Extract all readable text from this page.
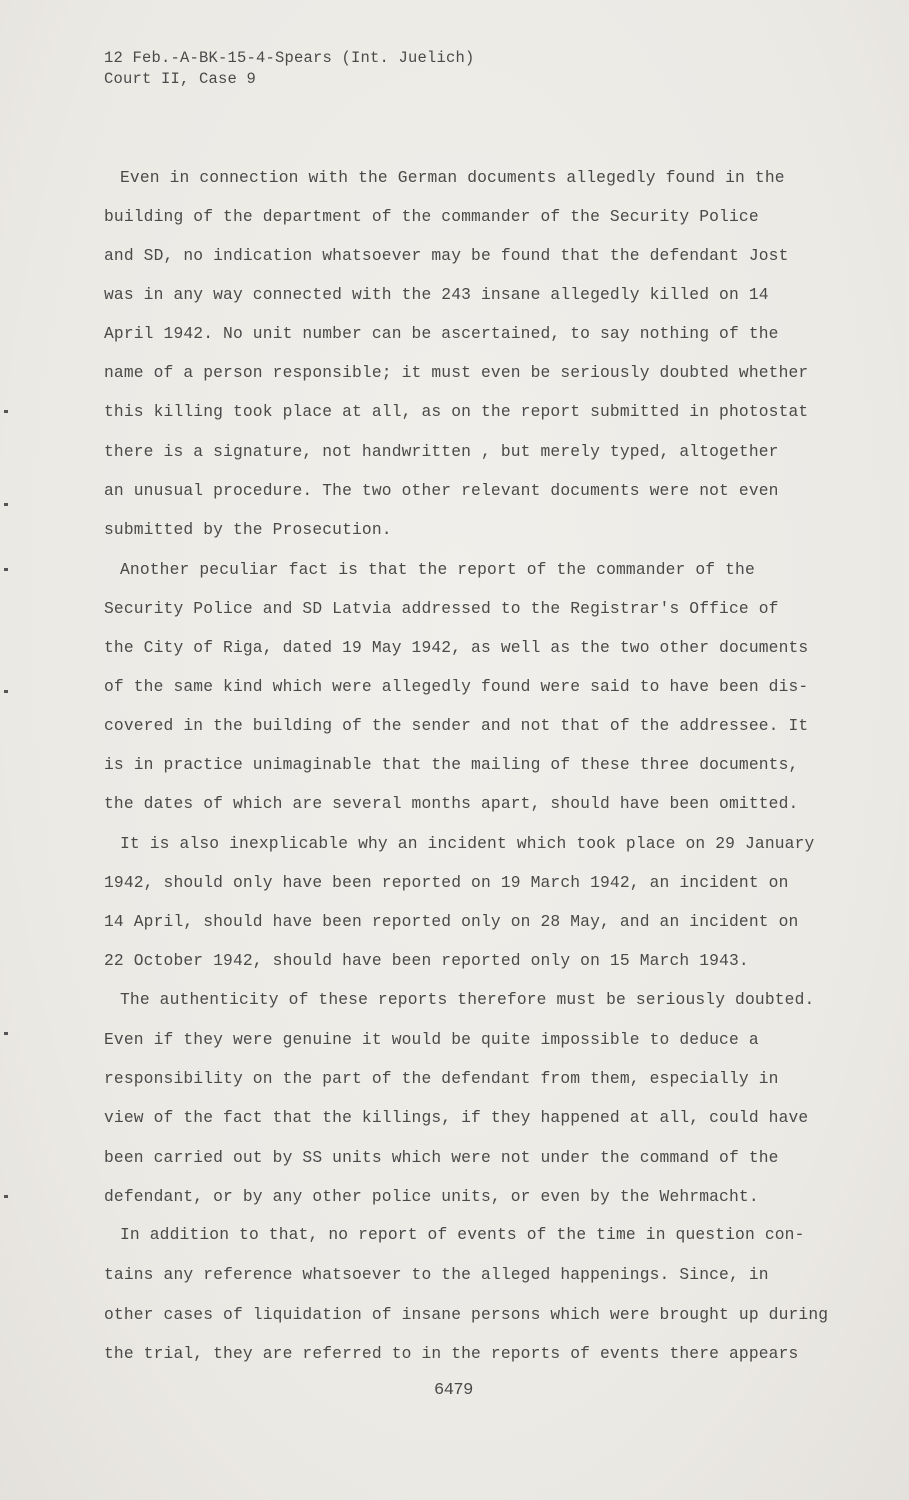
12 Feb.-A-BK-15-4-Spears (Int. Juelich)
Court II, Case 9
Even in connection with the German documents allegedly found in the
building of the department of the commander of the Security Police
and SD, no indication whatsoever may be found that the defendant Jost
was in any way connected with the 243 insane allegedly killed on 14
April 1942. No unit number can be ascertained, to say nothing of the
name of a person responsible; it must even be seriously doubted whether
this killing took place at all, as on the report submitted in photostat
there is a signature, not handwritten , but merely typed, altogether
an unusual procedure. The two other relevant documents were not even
submitted by the Prosecution.
Another peculiar fact is that the report of the commander of the
Security Police and SD Latvia addressed to the Registrar's Office of
the City of Riga, dated 19 May 1942, as well as the two other documents
of the same kind which were allegedly found were said to have been dis-
covered in the building of the sender and not that of the addressee. It
is in practice unimaginable that the mailing of these three documents,
the dates of which are several months apart, should have been omitted.
It is also inexplicable why an incident which took place on 29 January
1942, should only have been reported on 19 March 1942, an incident on
14 April, should have been reported only on 28 May, and an incident on
22 October 1942, should have been reported only on 15 March 1943.
The authenticity of these reports therefore must be seriously doubted.
Even if they were genuine it would be quite impossible to deduce a
responsibility on the part of the defendant from them, especially in
view of the fact that the killings, if they happened at all, could have
been carried out by SS units which were not under the command of the
defendant, or by any other police units, or even by the Wehrmacht.
In addition to that, no report of events of the time in question con-
tains any reference whatsoever to the alleged happenings. Since, in
other cases of liquidation of insane persons which were brought up during
the trial, they are referred to in the reports of events there appears
6479
